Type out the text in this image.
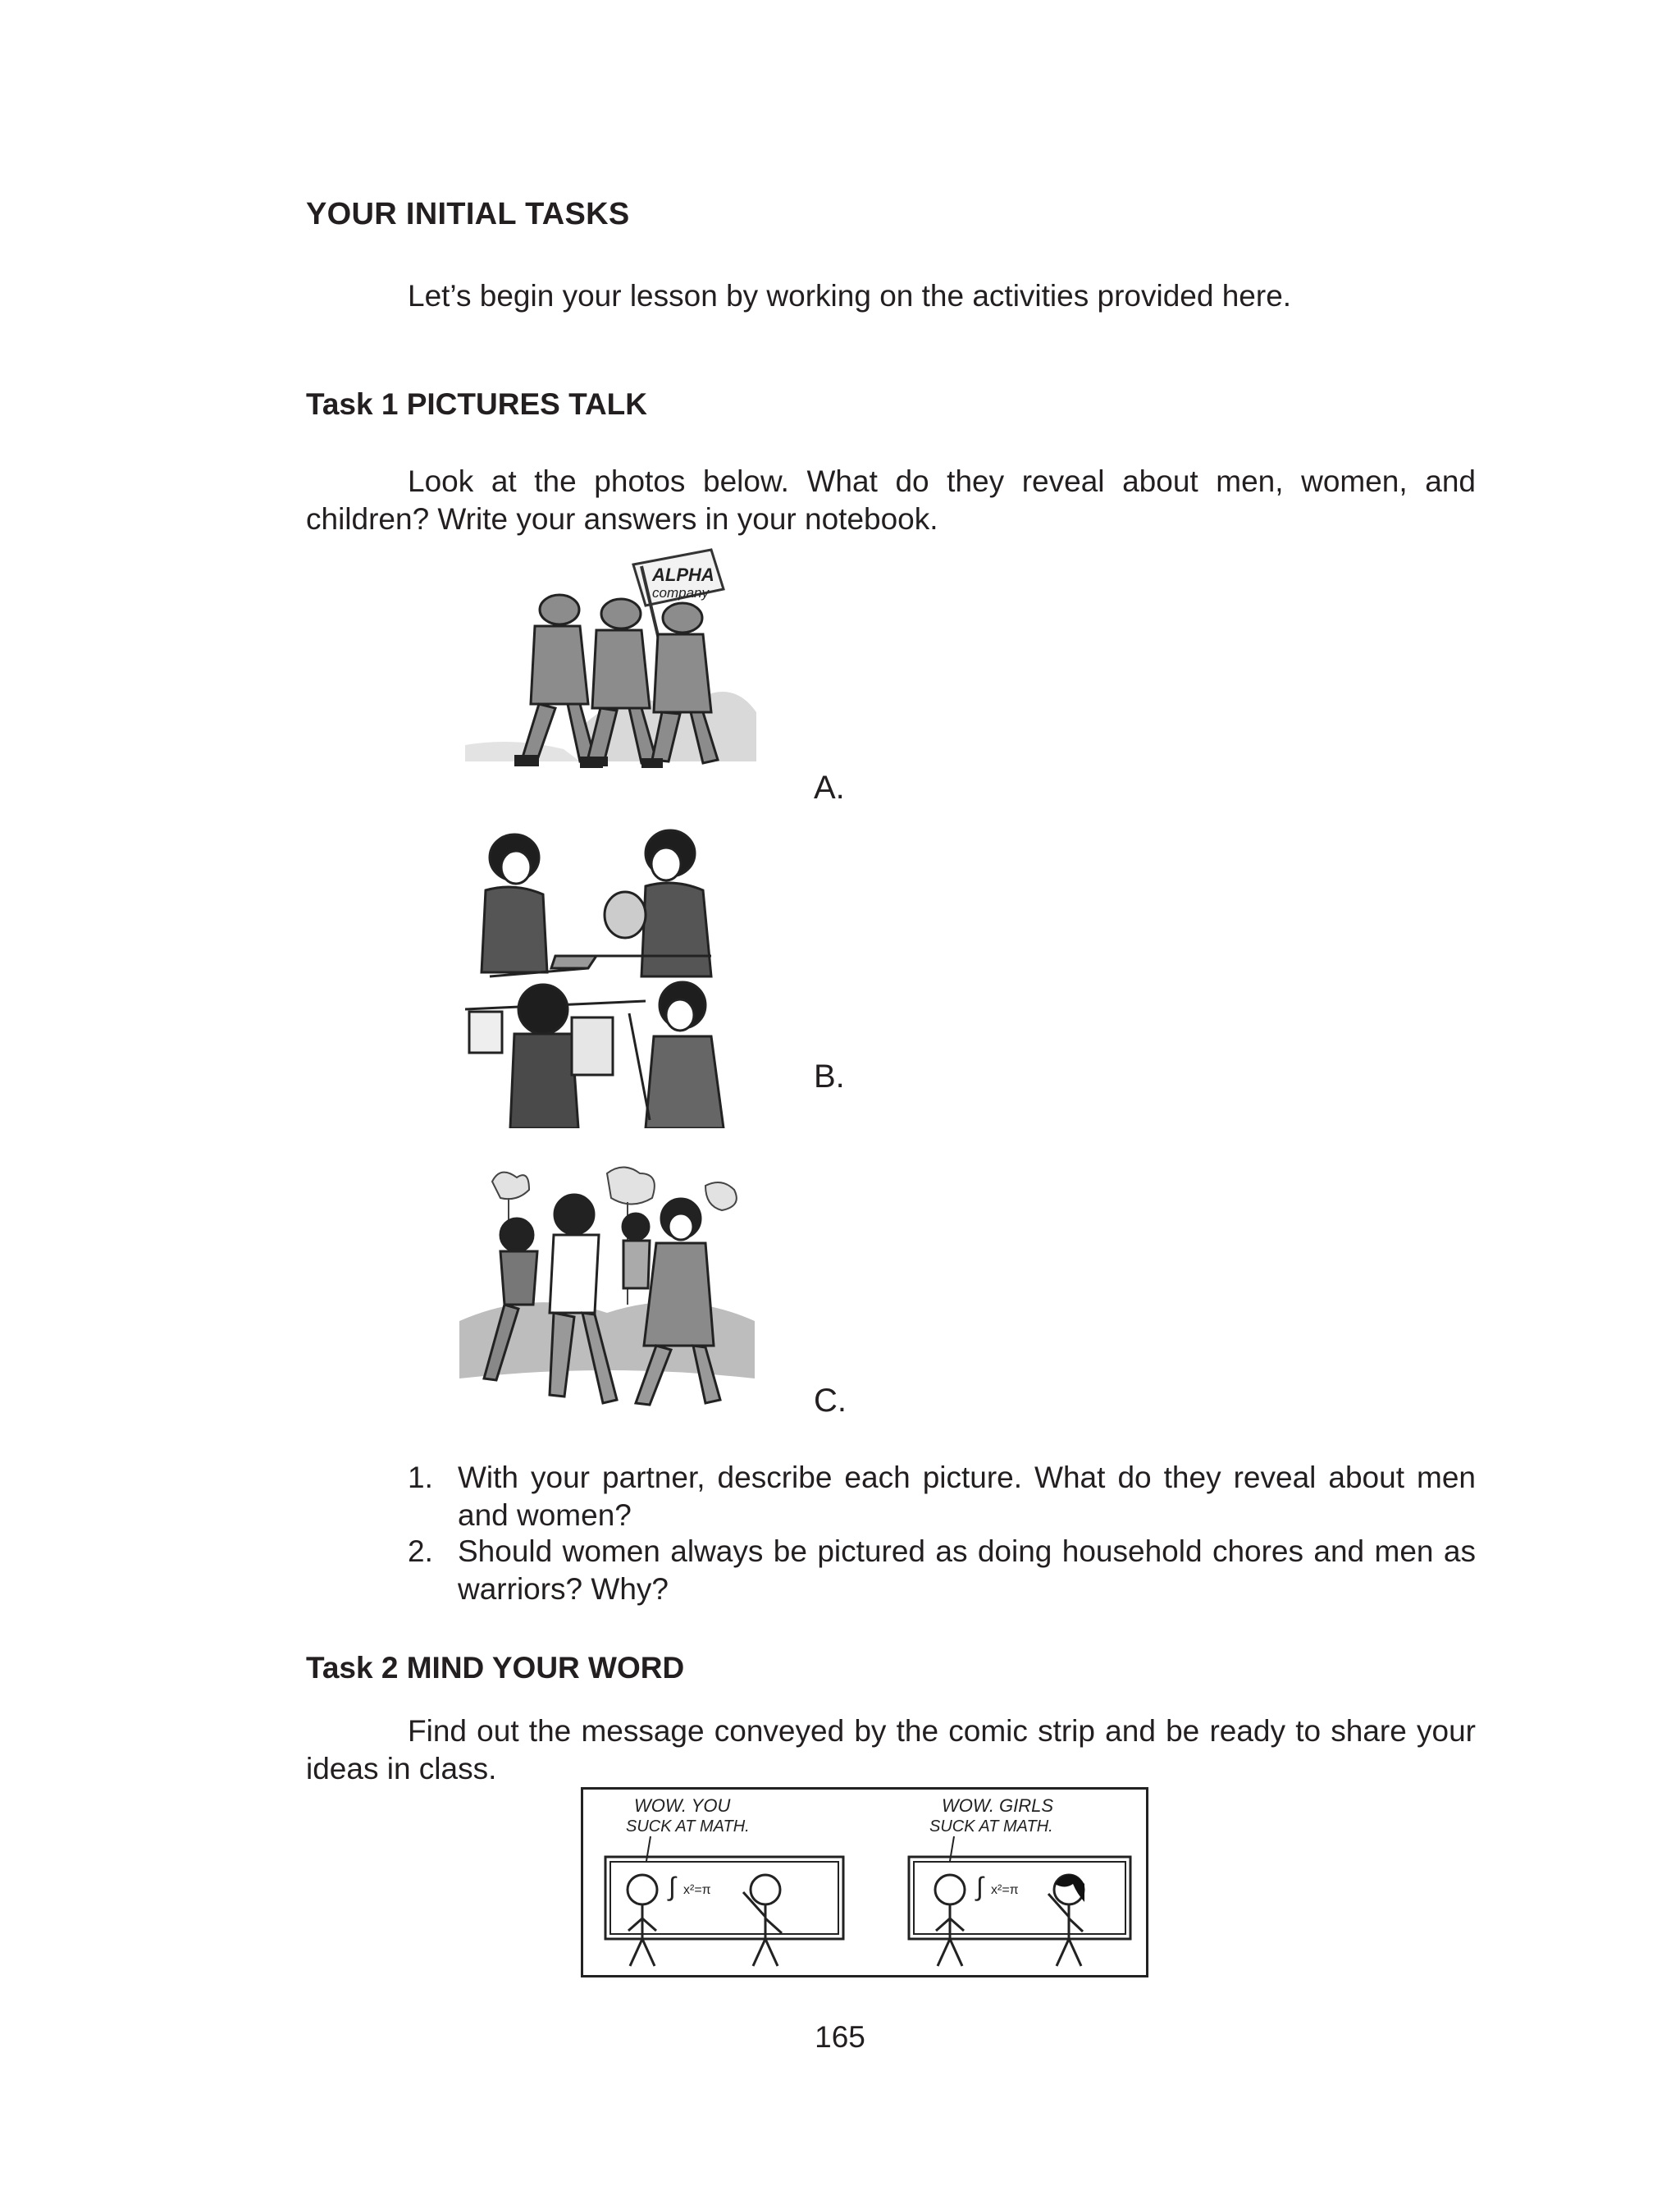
YOUR INITIAL TASKS
Let’s begin your lesson by working on the activities provided here.
Task 1 PICTURES TALK
Look at the photos below. What do they reveal about men, women, and children? Write your answers in your notebook.
ALPHA
company
A.
B.
C.
1. With your partner, describe each picture. What do they reveal about men and women?
2. Should women always be pictured as doing household chores and men as warriors? Why?
Task 2 MIND YOUR WORD
Find out the message conveyed by the comic strip and be ready to share your ideas in class.
WOW. YOU
SUCK AT MATH.
∫ x²=π
WOW. GIRLS
SUCK AT MATH.
∫ x²=π
165
